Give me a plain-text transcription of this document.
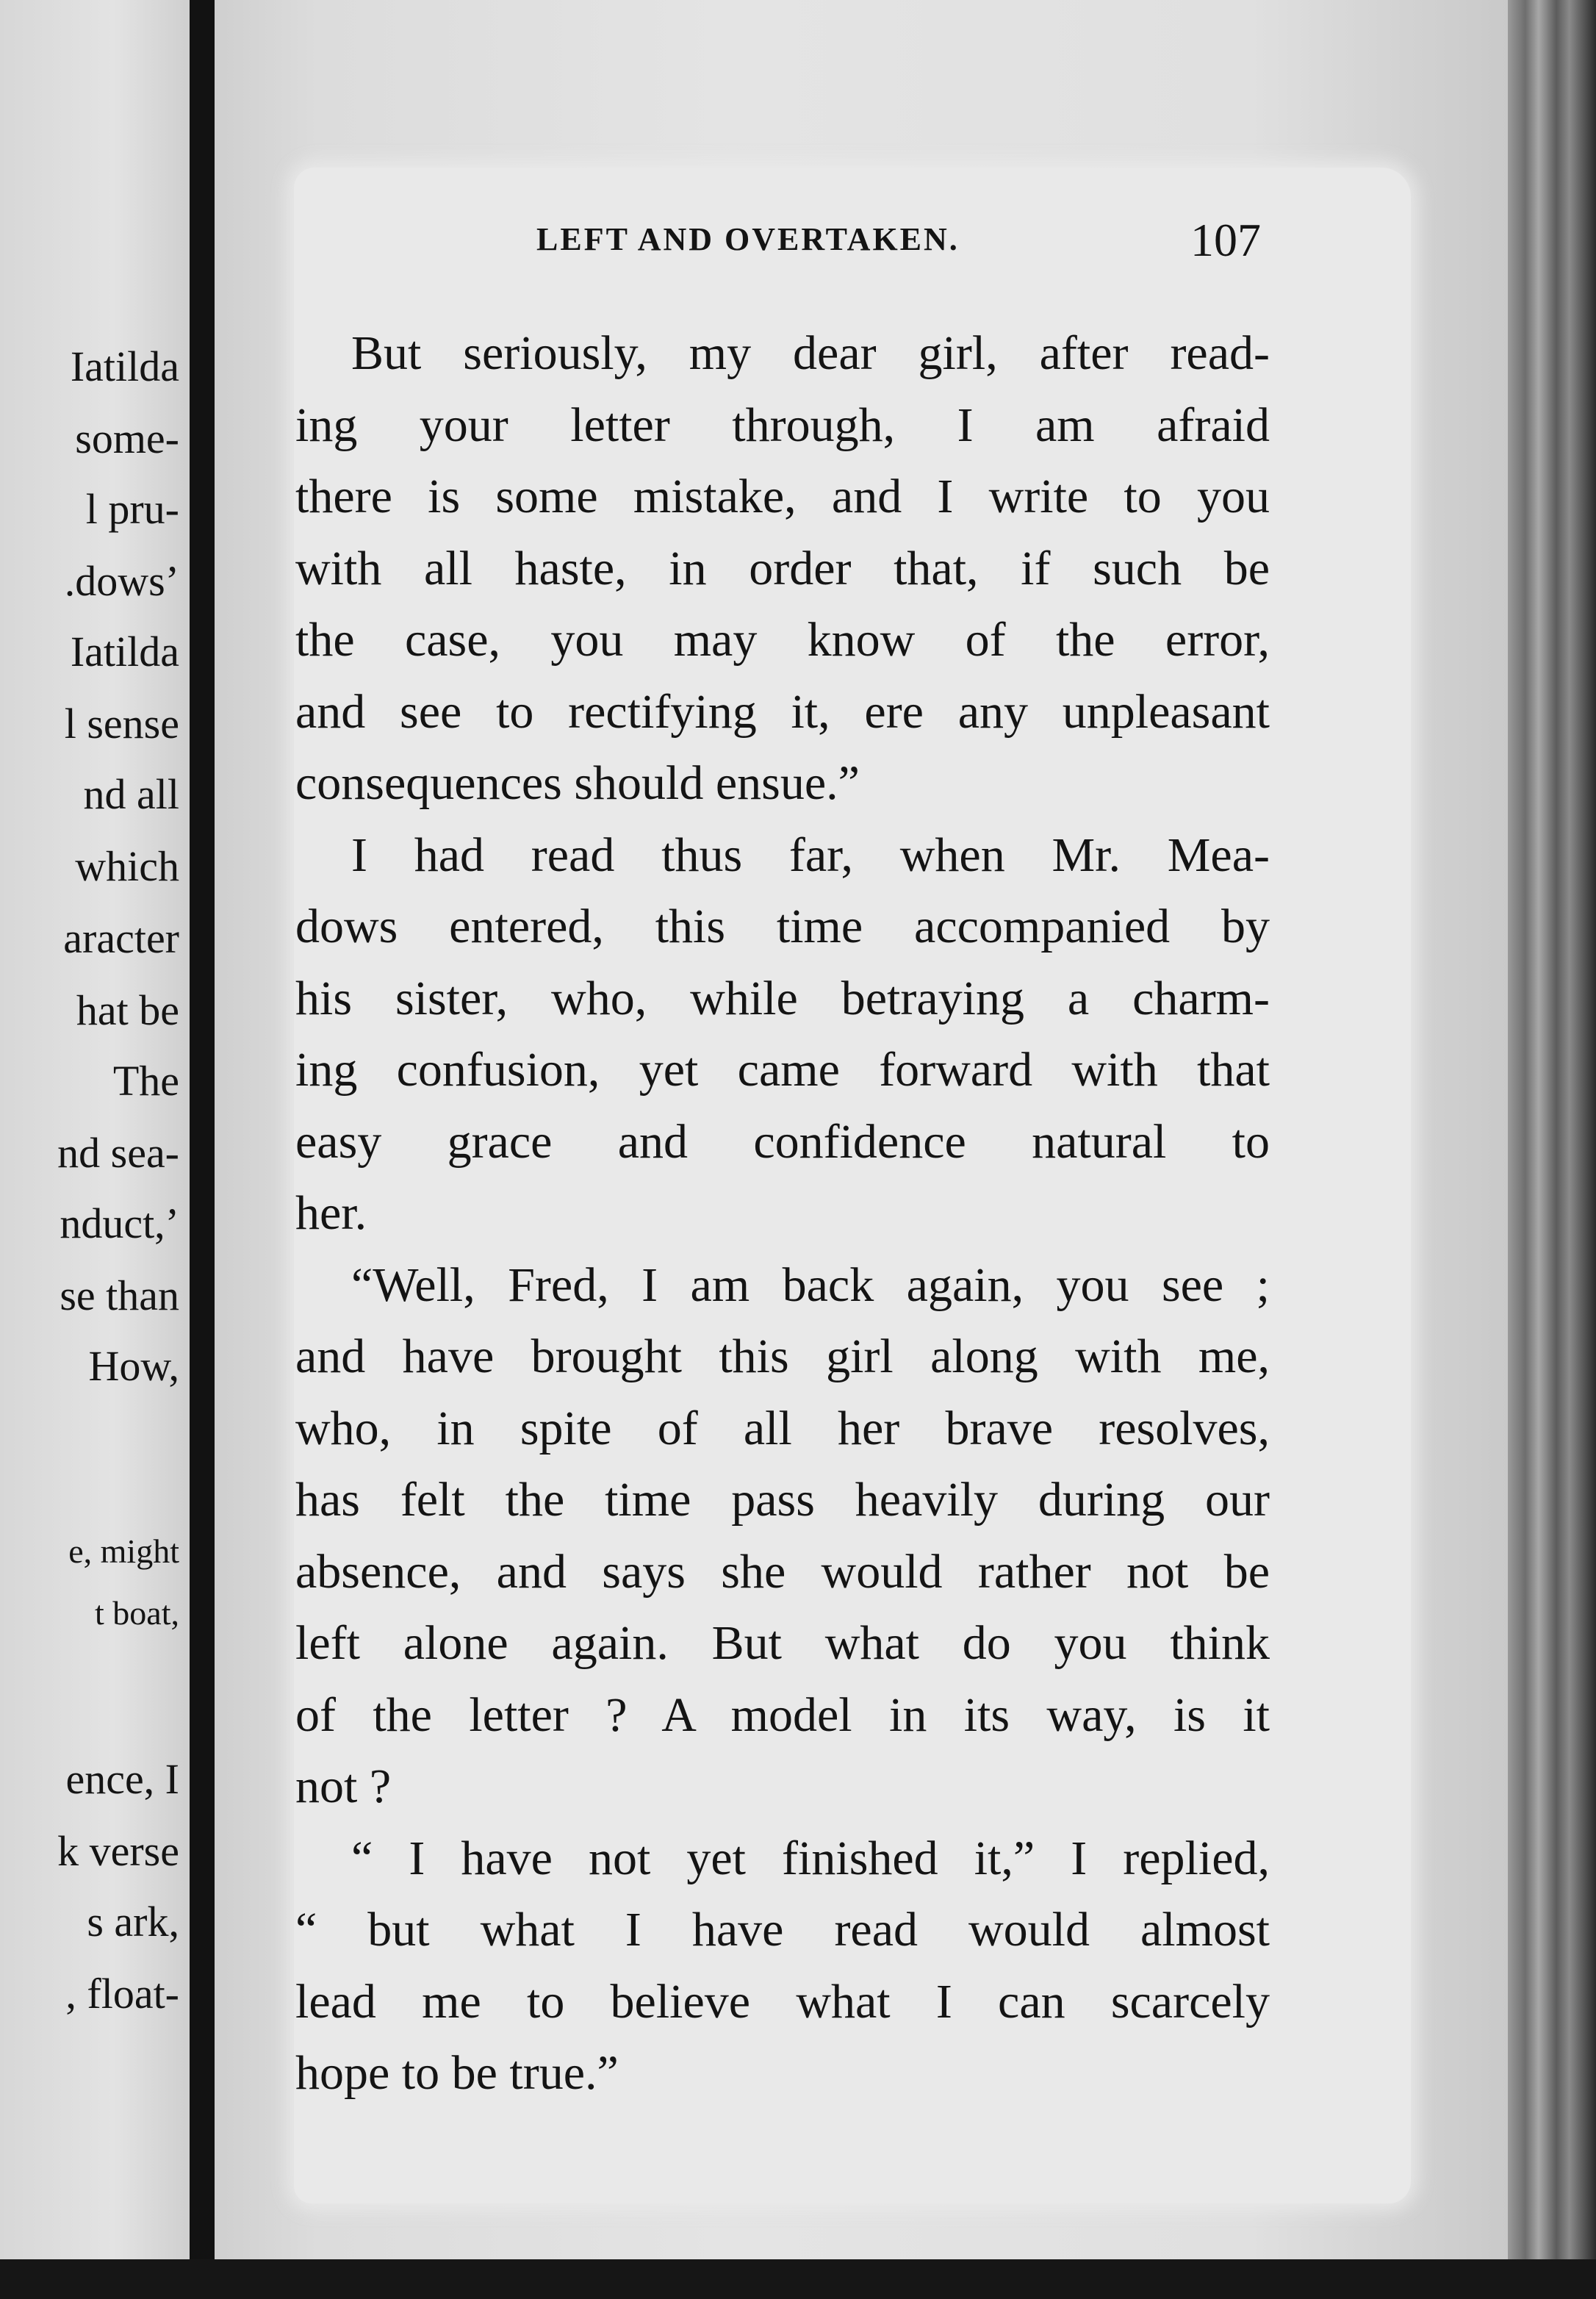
Iatilda
some-
l pru-
.dows’
Iatilda
l sense
nd all
which
aracter
hat be
The
nd sea-
nduct,’
se than
How,
e, might
t boat,
ence, I
k verse
s ark,
, float-
LEFT AND OVERTAKEN.	107
But seriously, my dear girl, after read-
ing your letter through, I am afraid
there is some mistake, and I write to you
with all haste, in order that, if such be
the case, you may know of the error,
and see to rectifying it, ere any unpleasant
consequences should ensue.”
I had read thus far, when Mr. Mea-
dows entered, this time accompanied by
his sister, who, while betraying a charm-
ing confusion, yet came forward with that
easy grace and confidence natural to
her.
“Well, Fred, I am back again, you see ;
and have brought this girl along with me,
who, in spite of all her brave resolves,
has felt the time pass heavily during our
absence, and says she would rather not be
left alone again. But what do you think
of the letter ? A model in its way, is it
not ?
“ I have not yet finished it,” I replied,
“ but what I have read would almost
lead me to believe what I can scarcely
hope to be true.”
